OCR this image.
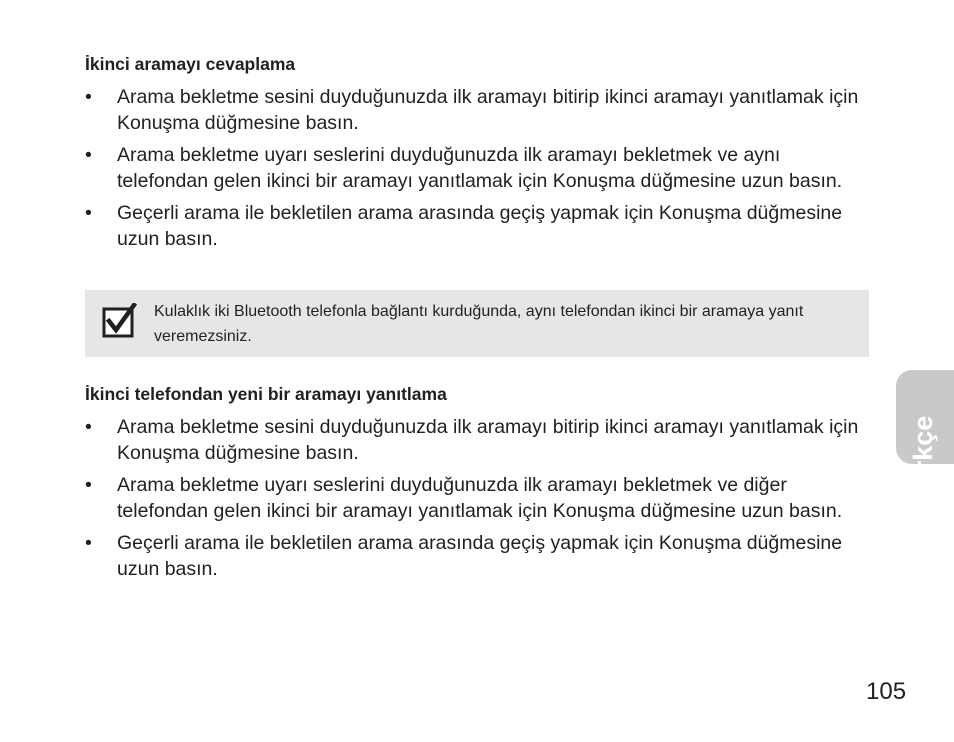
İkinci aramayı cevaplama
• Arama bekletme sesini duyduğunuzda ilk aramayı bitirip ikinci aramayı yanıtlamak için Konuşma düğmesine basın.
• Arama bekletme uyarı seslerini duyduğunuzda ilk aramayı bekletmek ve aynı telefondan gelen ikinci bir aramayı yanıtlamak için Konuşma düğmesine uzun basın.
• Geçerli arama ile bekletilen arama arasında geçiş yapmak için Konuşma düğmesine uzun basın.

Kulaklık iki Bluetooth telefonla bağlantı kurduğunda, aynı telefondan ikinci bir aramaya yanıt veremezsiniz.

İkinci telefondan yeni bir aramayı yanıtlama
• Arama bekletme sesini duyduğunuzda ilk aramayı bitirip ikinci aramayı yanıtlamak için Konuşma düğmesine basın.
• Arama bekletme uyarı seslerini duyduğunuzda ilk aramayı bekletmek ve diğer telefondan gelen ikinci bir aramayı yanıtlamak için Konuşma düğmesine uzun basın.
• Geçerli arama ile bekletilen arama arasında geçiş yapmak için Konuşma düğmesine uzun basın.
Türkçe
105
